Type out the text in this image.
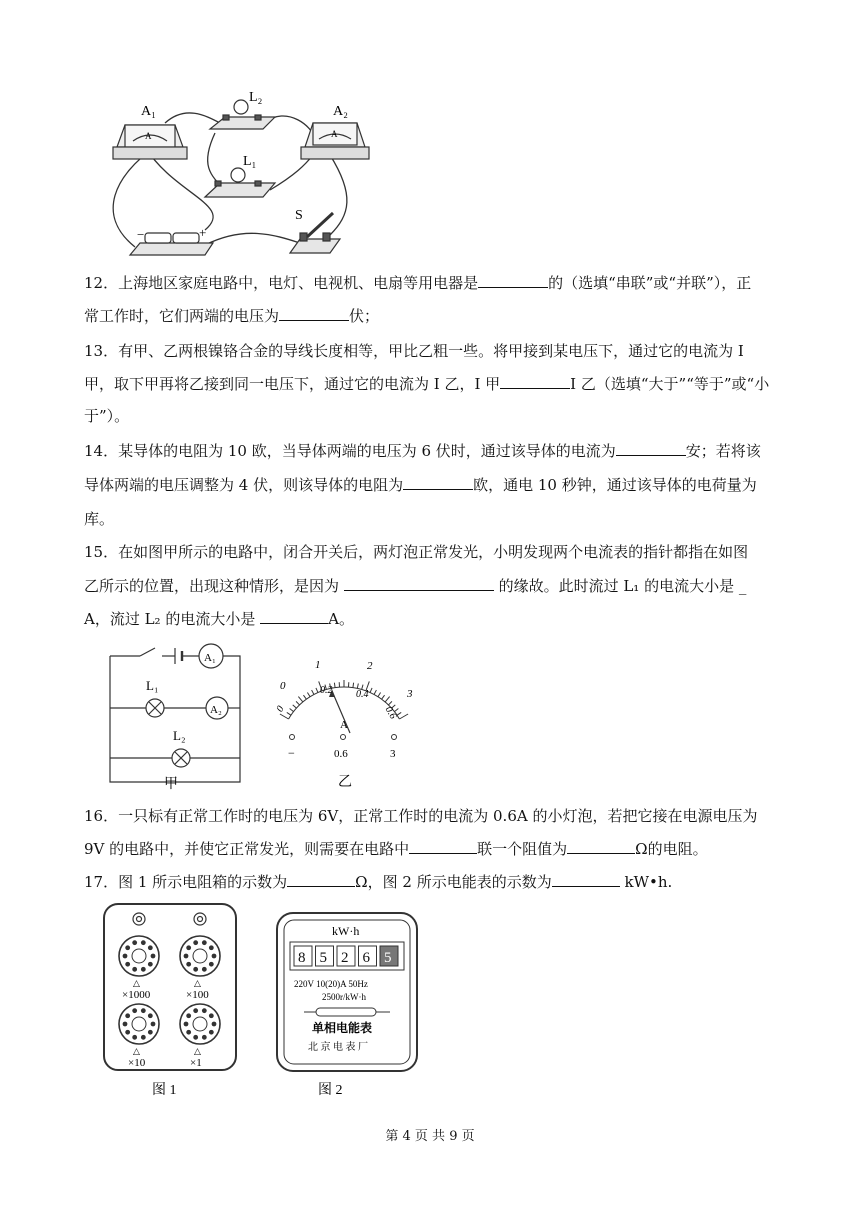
A₁	A₂
L₂
L₁
S
A	A
−	+
12．上海地区家庭电路中，电灯、电视机、电扇等用电器是	的（选填“串联”或“并联”），正
常工作时，它们两端的电压为	伏；
13．有甲、乙两根镍铬合金的导线长度相等，甲比乙粗一些。将甲接到某电压下，通过它的电流为 I
甲，取下甲再将乙接到同一电压下，通过它的电流为 I 乙，I 甲	I 乙（选填“大于”“等于”或“小
于”）。
14．某导体的电阻为 10 欧，当导体两端的电压为 6 伏时，通过该导体的电流为	安；若将该
导体两端的电压调整为 4 伏，则该导体的电阻为	欧，通电 10 秒钟，通过该导体的电荷量为
库。
15．在如图甲所示的电路中，闭合开关后，两灯泡正常发光，小明发现两个电流表的指针都指在如图
乙所示的位置，出现这种情形，是因为	的缘故。此时流过 L₁ 的电流大小是 _
A，流过 L₂ 的电流大小是	A。
A₁
A₂
L₁
L₂
甲
0
0.2 0.4
0.6
0
1	2
3
A
−	0.6	3
乙
16．一只标有正常工作时的电压为 6V，正常工作时的电流为 0.6A 的小灯泡，若把它接在电源电压为
9V 的电路中，并使它正常发光，则需要在电路中	联一个阻值为	Ω的电阻。
17．图 1 所示电阻箱的示数为	Ω，图 2 所示电能表的示数为	kW•h.
△	△
△	△
×1000	×100
×10	×1
图 1
kW·h
8 5 2 6 5
220V 10(20)A 50Hz
2500r/kW·h
单相电能表
北 京 电 表 厂
图 2
第 4 页 共 9 页
